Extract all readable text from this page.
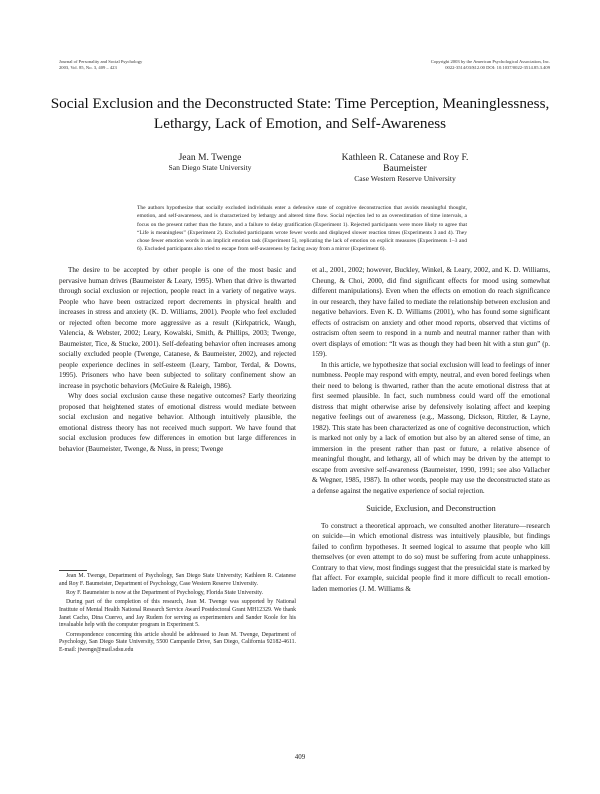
Journal of Personality and Social Psychology
2003, Vol. 85, No. 3, 409 – 423
Copyright 2003 by the American Psychological Association, Inc.
0022-3514/03/$12.00 DOI: 10.1037/0022-3514.85.3.409
Social Exclusion and the Deconstructed State: Time Perception, Meaninglessness, Lethargy, Lack of Emotion, and Self-Awareness
Jean M. Twenge
San Diego State University
Kathleen R. Catanese and Roy F. Baumeister
Case Western Reserve University
The authors hypothesize that socially excluded individuals enter a defensive state of cognitive deconstruction that avoids meaningful thought, emotion, and self-awareness, and is characterized by lethargy and altered time flow. Social rejection led to an overestimation of time intervals, a focus on the present rather than the future, and a failure to delay gratification (Experiment 1). Rejected participants were more likely to agree that “Life is meaningless” (Experiment 2). Excluded participants wrote fewer words and displayed slower reaction times (Experiments 3 and 4). They chose fewer emotion words in an implicit emotion task (Experiment 5), replicating the lack of emotion on explicit measures (Experiments 1–3 and 6). Excluded participants also tried to escape from self-awareness by facing away from a mirror (Experiment 6).

The desire to be accepted by other people is one of the most basic and pervasive human drives (Baumeister & Leary, 1995). When that drive is thwarted through social exclusion or rejection, people react in a variety of negative ways. People who have been ostracized report decrements in physical health and increases in stress and anxiety (K. D. Williams, 2001). People who feel excluded or rejected often become more aggressive as a result (Kirkpatrick, Waugh, Valencia, & Webster, 2002; Leary, Kowalski, Smith, & Phillips, 2003; Twenge, Baumeister, Tice, & Stucke, 2001). Self-defeating behavior often increases among socially excluded people (Twenge, Catanese, & Baumeister, 2002), and rejected people experience declines in self-esteem (Leary, Tambor, Terdal, & Downs, 1995). Prisoners who have been subjected to solitary confinement show an increase in psychotic behaviors (McGuire & Raleigh, 1986).

Why does social exclusion cause these negative outcomes? Early theorizing proposed that heightened states of emotional distress would mediate between social exclusion and negative behavior. Although intuitively plausible, the emotional distress theory has not received much support. We have found that social exclusion produces few differences in emotion but large differences in behavior (Baumeister, Twenge, & Nuss, in press; Twenge

Jean M. Twenge, Department of Psychology, San Diego State University; Kathleen R. Catanese and Roy F. Baumeister, Department of Psychology, Case Western Reserve University.

Roy F. Baumeister is now at the Department of Psychology, Florida State University.

During part of the completion of this research, Jean M. Twenge was supported by National Institute of Mental Health National Research Service Award Postdoctoral Grant MH12329. We thank Janet Cacho, Dina Cuervo, and Jay Rudem for serving as experimenters and Sander Koole for his invaluable help with the computer program in Experiment 5.

Correspondence concerning this article should be addressed to Jean M. Twenge, Department of Psychology, San Diego State University, 5500 Campanile Drive, San Diego, California 92182-4611. E-mail: jtwenge@mail.sdsu.edu

et al., 2001, 2002; however, Buckley, Winkel, & Leary, 2002, and K. D. Williams, Cheung, & Choi, 2000, did find significant effects for mood using somewhat different manipulations). Even when the effects on emotion do reach significance in our research, they have failed to mediate the relationship between exclusion and negative behaviors. Even K. D. Williams (2001), who has found some significant effects of ostracism on anxiety and other mood reports, observed that victims of ostracism often seem to respond in a numb and neutral manner rather than with overt displays of emotion: “It was as though they had been hit with a stun gun” (p. 159).

In this article, we hypothesize that social exclusion will lead to feelings of inner numbness. People may respond with empty, neutral, and even bored feelings when their need to belong is thwarted, rather than the acute emotional distress that at first seemed plausible. In fact, such numbness could ward off the emotional distress that might otherwise arise by defensively isolating affect and keeping negative feelings out of awareness (e.g., Massong, Dickson, Ritzler, & Layne, 1982). This state has been characterized as one of cognitive deconstruction, which is marked not only by a lack of emotion but also by an altered sense of time, an immersion in the present rather than past or future, a relative absence of meaningful thought, and lethargy, all of which may be driven by the attempt to escape from aversive self-awareness (Baumeister, 1990, 1991; see also Vallacher & Wegner, 1985, 1987). In other words, people may use the deconstructed state as a defense against the negative experience of social rejection.

Suicide, Exclusion, and Deconstruction

To construct a theoretical approach, we consulted another literature—research on suicide—in which emotional distress was intuitively plausible, but findings failed to confirm hypotheses. It seemed logical to assume that people who kill themselves (or even attempt to do so) must be suffering from acute unhappiness. Contrary to that view, most findings suggest that the presuicidal state is marked by flat affect. For example, suicidal people find it more difficult to recall emotion-laden memories (J. M. Williams &

409
